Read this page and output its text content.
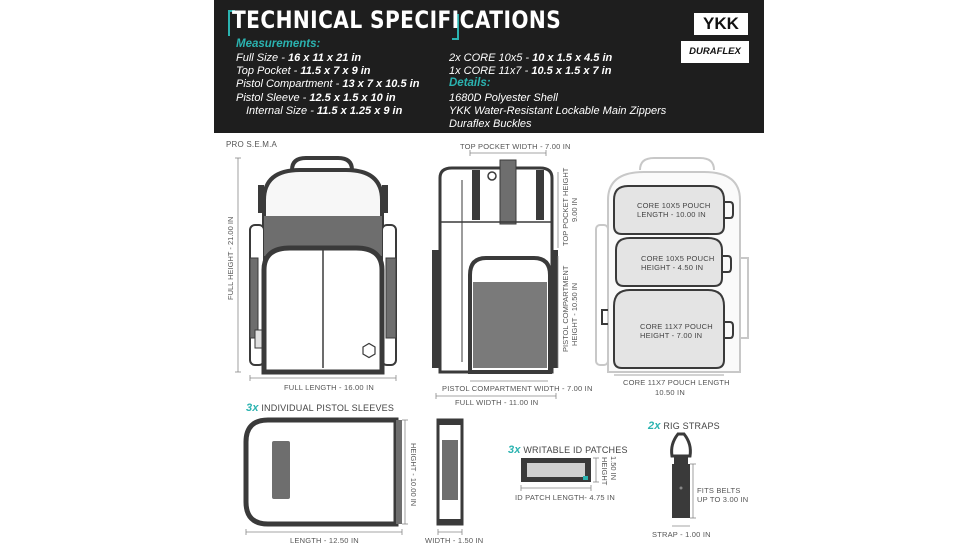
TECHNICAL SPECIFICATIONS
Measurements:
Full Size - 16 x 11 x 21 in
Top Pocket - 11.5 x 7 x 9 in
Pistol Compartment - 13 x 7 x 10.5 in
Pistol Sleeve - 12.5 x 1.5 x 10 in
Internal Size - 11.5 x 1.25 x 9 in
2x CORE 10x5 - 10 x 1.5 x 4.5 in
1x CORE 11x7 - 10.5 x 1.5 x 7 in
Details:
1680D Polyester Shell
YKK Water-Resistant Lockable Main Zippers
Duraflex Buckles
YKK
DURAFLEX
PRO S.E.M.A
FULL HEIGHT - 21.00 IN
FULL LENGTH - 16.00 IN
TOP POCKET WIDTH - 7.00 IN
TOP POCKET HEIGHT 9.00 IN
PISTOL COMPARTMENT HEIGHT - 10.50 IN
PISTOL COMPARTMENT WIDTH - 7.00 IN
FULL WIDTH - 11.00 IN
CORE 10X5 POUCH
LENGTH - 10.00 IN
CORE 10X5 POUCH
HEIGHT - 4.50 IN
CORE 11X7 POUCH
HEIGHT - 7.00 IN
CORE 11X7 POUCH LENGTH
10.50 IN
3x INDIVIDUAL PISTOL SLEEVES
HEIGHT - 10.00 IN
LENGTH - 12.50 IN	WIDTH - 1.50 IN
3x WRITABLE ID PATCHES
HEIGHT 1.50 IN
ID PATCH LENGTH- 4.75 IN
2x RIG STRAPS
FITS BELTS
UP TO 3.00 IN
STRAP - 1.00 IN
